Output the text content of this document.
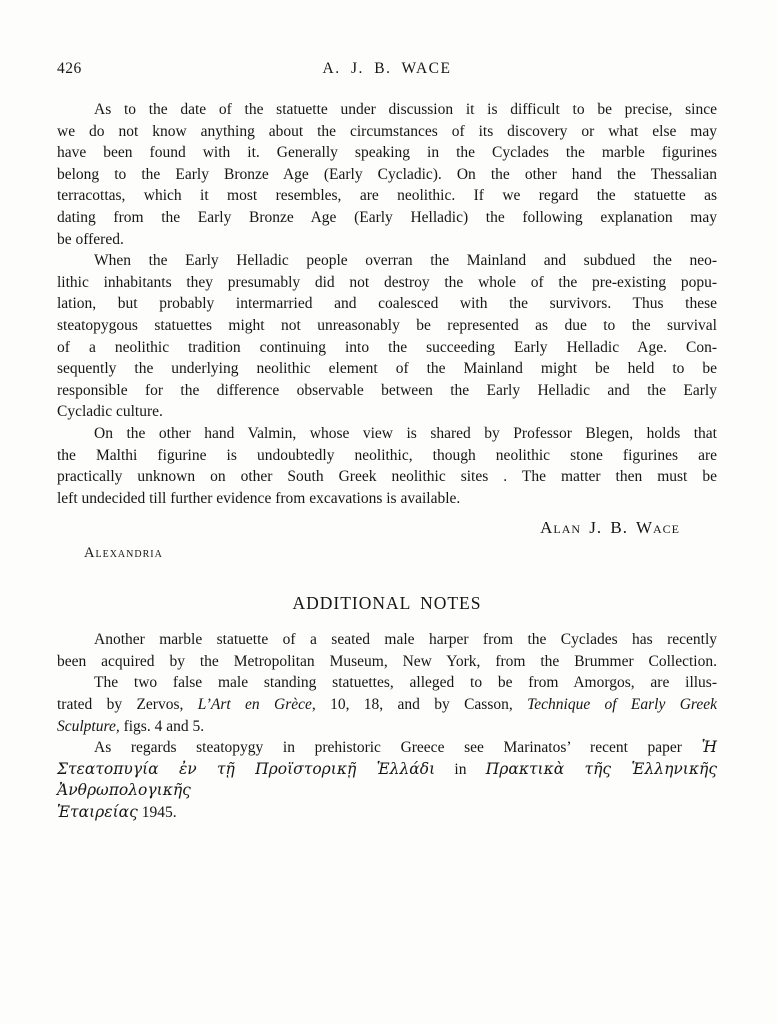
426	A. J. B. WACE
As to the date of the statuette under discussion it is difficult to be precise, since
we do not know anything about the circumstances of its discovery or what else may
have been found with it. Generally speaking in the Cyclades the marble figurines
belong to the Early Bronze Age (Early Cycladic). On the other hand the Thessalian
terracottas, which it most resembles, are neolithic. If we regard the statuette as
dating from the Early Bronze Age (Early Helladic) the following explanation may
be offered.
When the Early Helladic people overran the Mainland and subdued the neo-
lithic inhabitants they presumably did not destroy the whole of the pre-existing popu-
lation, but probably intermarried and coalesced with the survivors. Thus these
steatopygous statuettes might not unreasonably be represented as due to the survival
of a neolithic tradition continuing into the succeeding Early Helladic Age. Con-
sequently the underlying neolithic element of the Mainland might be held to be
responsible for the difference observable between the Early Helladic and the Early
Cycladic culture.
On the other hand Valmin, whose view is shared by Professor Blegen, holds that
the Malthi figurine is undoubtedly neolithic, though neolithic stone figurines are
practically unknown on other South Greek neolithic sites . The matter then must be
left undecided till further evidence from excavations is available.
Alan J. B. Wace
Alexandria
ADDITIONAL NOTES
Another marble statuette of a seated male harper from the Cyclades has recently
been acquired by the Metropolitan Museum, New York, from the Brummer Collection.
The two false male standing statuettes, alleged to be from Amorgos, are illus-
trated by Zervos, L’Art en Grèce, 10, 18, and by Casson, Technique of Early Greek
Sculpture, figs. 4 and 5.
As regards steatopygy in prehistoric Greece see Marinatos’ recent paper Ἡ
Στεατοπυγία ἐν τῇ Προϊστορικῇ Ἑλλάδι in Πρακτικὰ τῆς Ἑλληνικῆς Ἀνθρωπολογικῆς
Ἑταιρείας 1945.
